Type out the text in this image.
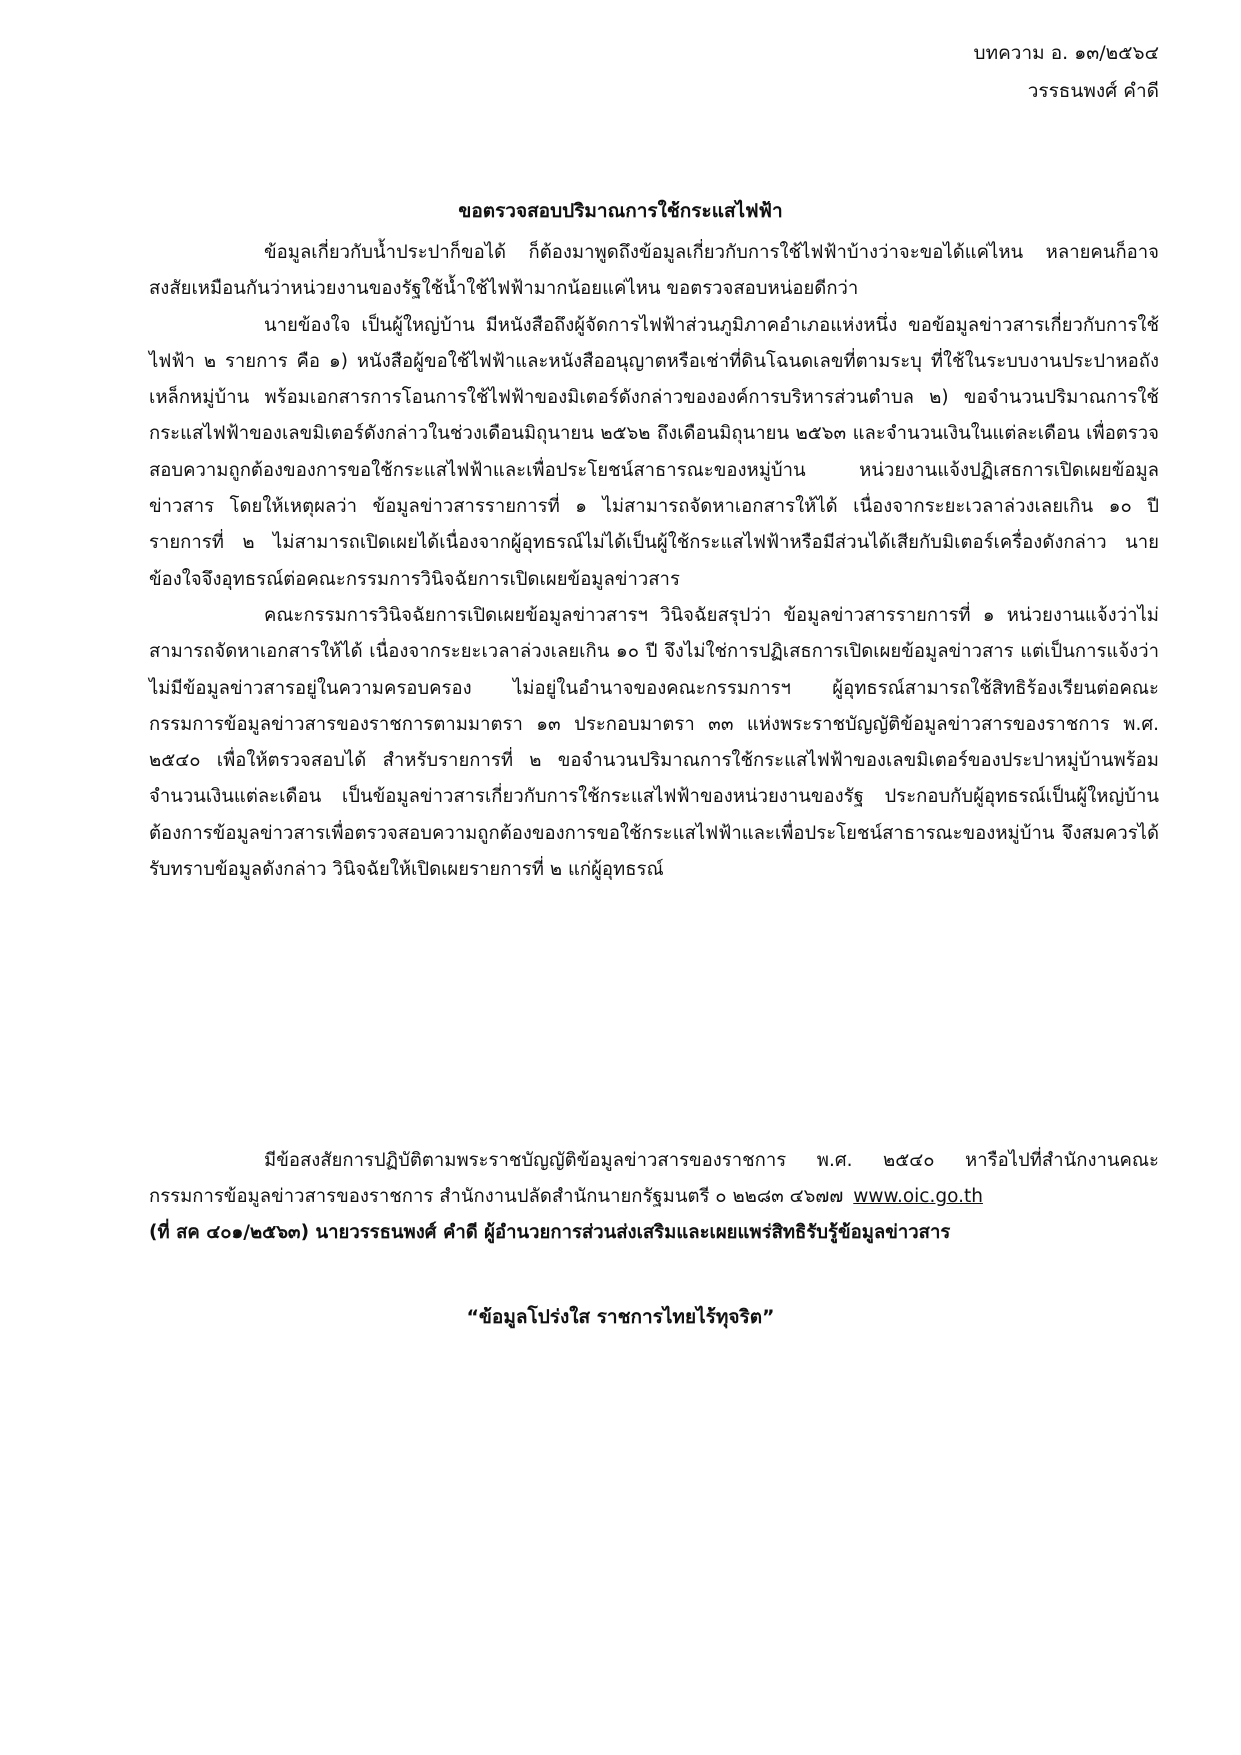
บทความ อ. ๑๓/๒๕๖๔
วรรธนพงศ์ คำดี
ขอตรวจสอบปริมาณการใช้กระแสไฟฟ้า

ข้อมูลเกี่ยวกับน้ำประปาก็ขอได้ ก็ต้องมาพูดถึงข้อมูลเกี่ยวกับการใช้ไฟฟ้าบ้างว่าจะขอได้แค่ไหน หลายคนก็อาจสงสัยเหมือนกันว่าหน่วยงานของรัฐใช้น้ำใช้ไฟฟ้ามากน้อยแค่ไหน ขอตรวจสอบหน่อยดีกว่า

นายข้องใจ เป็นผู้ใหญ่บ้าน มีหนังสือถึงผู้จัดการไฟฟ้าส่วนภูมิภาคอำเภอแห่งหนึ่ง ขอข้อมูลข่าวสารเกี่ยวกับการใช้ไฟฟ้า ๒ รายการ คือ ๑) หนังสือผู้ขอใช้ไฟฟ้าและหนังสืออนุญาตหรือเช่าที่ดินโฉนดเลขที่ตามระบุ ที่ใช้ในระบบงานประปาหอถังเหล็กหมู่บ้าน พร้อมเอกสารการโอนการใช้ไฟฟ้าของมิเตอร์ดังกล่าวขององค์การบริหารส่วนตำบล ๒) ขอจำนวนปริมาณการใช้กระแสไฟฟ้าของเลขมิเตอร์ดังกล่าวในช่วงเดือนมิถุนายน ๒๕๖๒ ถึงเดือนมิถุนายน ๒๕๖๓ และจำนวนเงินในแต่ละเดือน เพื่อตรวจสอบความถูกต้องของการขอใช้กระแสไฟฟ้าและเพื่อประโยชน์สาธารณะของหมู่บ้าน หน่วยงานแจ้งปฏิเสธการเปิดเผยข้อมูลข่าวสาร โดยให้เหตุผลว่า ข้อมูลข่าวสารรายการที่ ๑ ไม่สามารถจัดหาเอกสารให้ได้ เนื่องจากระยะเวลาล่วงเลยเกิน ๑๐ ปี รายการที่ ๒ ไม่สามารถเปิดเผยได้เนื่องจากผู้อุทธรณ์ไม่ได้เป็นผู้ใช้กระแสไฟฟ้าหรือมีส่วนได้เสียกับมิเตอร์เครื่องดังกล่าว นายข้องใจจึงอุทธรณ์ต่อคณะกรรมการวินิจฉัยการเปิดเผยข้อมูลข่าวสาร

คณะกรรมการวินิจฉัยการเปิดเผยข้อมูลข่าวสารฯ วินิจฉัยสรุปว่า ข้อมูลข่าวสารรายการที่ ๑ หน่วยงานแจ้งว่าไม่สามารถจัดหาเอกสารให้ได้ เนื่องจากระยะเวลาล่วงเลยเกิน ๑๐ ปี จึงไม่ใช่การปฏิเสธการเปิดเผยข้อมูลข่าวสาร แต่เป็นการแจ้งว่าไม่มีข้อมูลข่าวสารอยู่ในความครอบครอง ไม่อยู่ในอำนาจของคณะกรรมการฯ ผู้อุทธรณ์สามารถใช้สิทธิร้องเรียนต่อคณะกรรมการข้อมูลข่าวสารของราชการตามมาตรา ๑๓ ประกอบมาตรา ๓๓ แห่งพระราชบัญญัติข้อมูลข่าวสารของราชการ พ.ศ. ๒๕๔๐ เพื่อให้ตรวจสอบได้ สำหรับรายการที่ ๒ ขอจำนวนปริมาณการใช้กระแสไฟฟ้าของเลขมิเตอร์ของประปาหมู่บ้านพร้อมจำนวนเงินแต่ละเดือน เป็นข้อมูลข่าวสารเกี่ยวกับการใช้กระแสไฟฟ้าของหน่วยงานของรัฐ ประกอบกับผู้อุทธรณ์เป็นผู้ใหญ่บ้านต้องการข้อมูลข่าวสารเพื่อตรวจสอบความถูกต้องของการขอใช้กระแสไฟฟ้าและเพื่อประโยชน์สาธารณะของหมู่บ้าน จึงสมควรได้รับทราบข้อมูลดังกล่าว วินิจฉัยให้เปิดเผยรายการที่ ๒ แก่ผู้อุทธรณ์

มีข้อสงสัยการปฏิบัติตามพระราชบัญญัติข้อมูลข่าวสารของราชการ พ.ศ. ๒๕๔๐ หารือไปที่สำนักงานคณะกรรมการข้อมูลข่าวสารของราชการ สำนักงานปลัดสำนักนายกรัฐมนตรี ๐ ๒๒๘๓ ๔๖๗๗ www.oic.go.th

(ที่ สค ๔๐๑/๒๕๖๓) นายวรรธนพงศ์ คำดี ผู้อำนวยการส่วนส่งเสริมและเผยแพร่สิทธิรับรู้ข้อมูลข่าวสาร
“ข้อมูลโปร่งใส ราชการไทยไร้ทุจริต”
